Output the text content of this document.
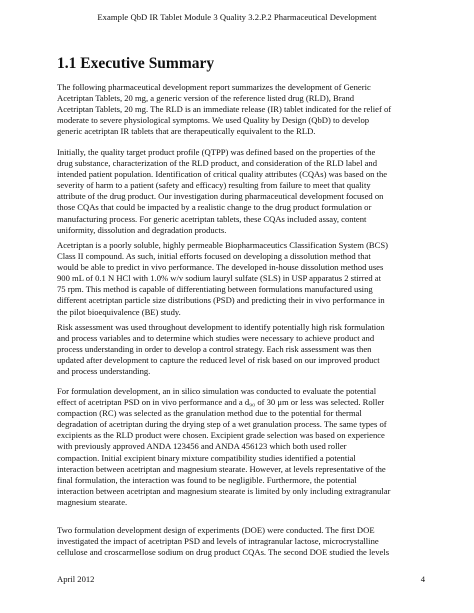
Example QbD IR Tablet Module 3 Quality 3.2.P.2 Pharmaceutical Development
1.1 Executive Summary
The following pharmaceutical development report summarizes the development of Generic
Acetriptan Tablets, 20 mg, a generic version of the reference listed drug (RLD), Brand
Acetriptan Tablets, 20 mg. The RLD is an immediate release (IR) tablet indicated for the relief of
moderate to severe physiological symptoms. We used Quality by Design (QbD) to develop
generic acetriptan IR tablets that are therapeutically equivalent to the RLD.
Initially, the quality target product profile (QTPP) was defined based on the properties of the
drug substance, characterization of the RLD product, and consideration of the RLD label and
intended patient population. Identification of critical quality attributes (CQAs) was based on the
severity of harm to a patient (safety and efficacy) resulting from failure to meet that quality
attribute of the drug product. Our investigation during pharmaceutical development focused on
those CQAs that could be impacted by a realistic change to the drug product formulation or
manufacturing process. For generic acetriptan tablets, these CQAs included assay, content
uniformity, dissolution and degradation products.
Acetriptan is a poorly soluble, highly permeable Biopharmaceutics Classification System (BCS)
Class II compound. As such, initial efforts focused on developing a dissolution method that
would be able to predict in vivo performance. The developed in-house dissolution method uses
900 mL of 0.1 N HCl with 1.0% w/v sodium lauryl sulfate (SLS) in USP apparatus 2 stirred at
75 rpm. This method is capable of differentiating between formulations manufactured using
different acetriptan particle size distributions (PSD) and predicting their in vivo performance in
the pilot bioequivalence (BE) study.
Risk assessment was used throughout development to identify potentially high risk formulation
and process variables and to determine which studies were necessary to achieve product and
process understanding in order to develop a control strategy. Each risk assessment was then
updated after development to capture the reduced level of risk based on our improved product
and process understanding.
For formulation development, an in silico simulation was conducted to evaluate the potential
effect of acetriptan PSD on in vivo performance and a d₉₀ of 30 μm or less was selected. Roller
compaction (RC) was selected as the granulation method due to the potential for thermal
degradation of acetriptan during the drying step of a wet granulation process. The same types of
excipients as the RLD product were chosen. Excipient grade selection was based on experience
with previously approved ANDA 123456 and ANDA 456123 which both used roller
compaction. Initial excipient binary mixture compatibility studies identified a potential
interaction between acetriptan and magnesium stearate. However, at levels representative of the
final formulation, the interaction was found to be negligible. Furthermore, the potential
interaction between acetriptan and magnesium stearate is limited by only including extragranular
magnesium stearate.
Two formulation development design of experiments (DOE) were conducted. The first DOE
investigated the impact of acetriptan PSD and levels of intragranular lactose, microcrystalline
cellulose and croscarmellose sodium on drug product CQAs. The second DOE studied the levels
April 2012	4
